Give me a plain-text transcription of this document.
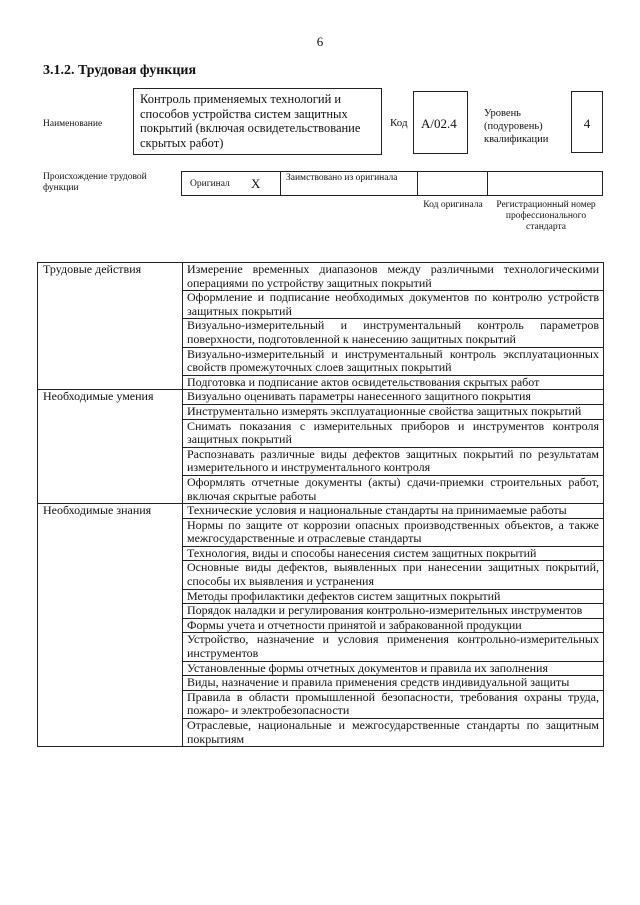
6
3.1.2. Трудовая функция
Наименование
Контроль применяемых технологий и способов устройства систем защитных покрытий (включая освидетельствование скрытых работ)
Код	А/02.4
Уровень (подуровень) квалификации
4
Происхождение трудовой функции	Оригинал X	Заимствовано из оригинала
Код оригинала	Регистрационный номер профессионального стандарта
Трудовые действия	Измерение временных диапазонов между различными технологическими операциями по устройству защитных покрытий
	Оформление и подписание необходимых документов по контролю устройств защитных покрытий
	Визуально-измерительный и инструментальный контроль параметров поверхности, подготовленной к нанесению защитных покрытий
	Визуально-измерительный и инструментальный контроль эксплуатационных свойств промежуточных слоев защитных покрытий
	Подготовка и подписание актов освидетельствования скрытых работ
Необходимые умения	Визуально оценивать параметры нанесенного защитного покрытия
	Инструментально измерять эксплуатационные свойства защитных покрытий
	Снимать показания с измерительных приборов и инструментов контроля защитных покрытий
	Распознавать различные виды дефектов защитных покрытий по результатам измерительного и инструментального контроля
	Оформлять отчетные документы (акты) сдачи-приемки строительных работ, включая скрытые работы
Необходимые знания	Технические условия и национальные стандарты на принимаемые работы
	Нормы по защите от коррозии опасных производственных объектов, а также межгосударственные и отраслевые стандарты
	Технология, виды и способы нанесения систем защитных покрытий
	Основные виды дефектов, выявленных при нанесении защитных покрытий, способы их выявления и устранения
	Методы профилактики дефектов систем защитных покрытий
	Порядок наладки и регулирования контрольно-измерительных инструментов
	Формы учета и отчетности принятой и забракованной продукции
	Устройство, назначение и условия применения контрольно-измерительных инструментов
	Установленные формы отчетных документов и правила их заполнения
	Виды, назначение и правила применения средств индивидуальной защиты
	Правила в области промышленной безопасности, требования охраны труда, пожаро- и электробезопасности
	Отраслевые, национальные и межгосударственные стандарты по защитным покрытиям
